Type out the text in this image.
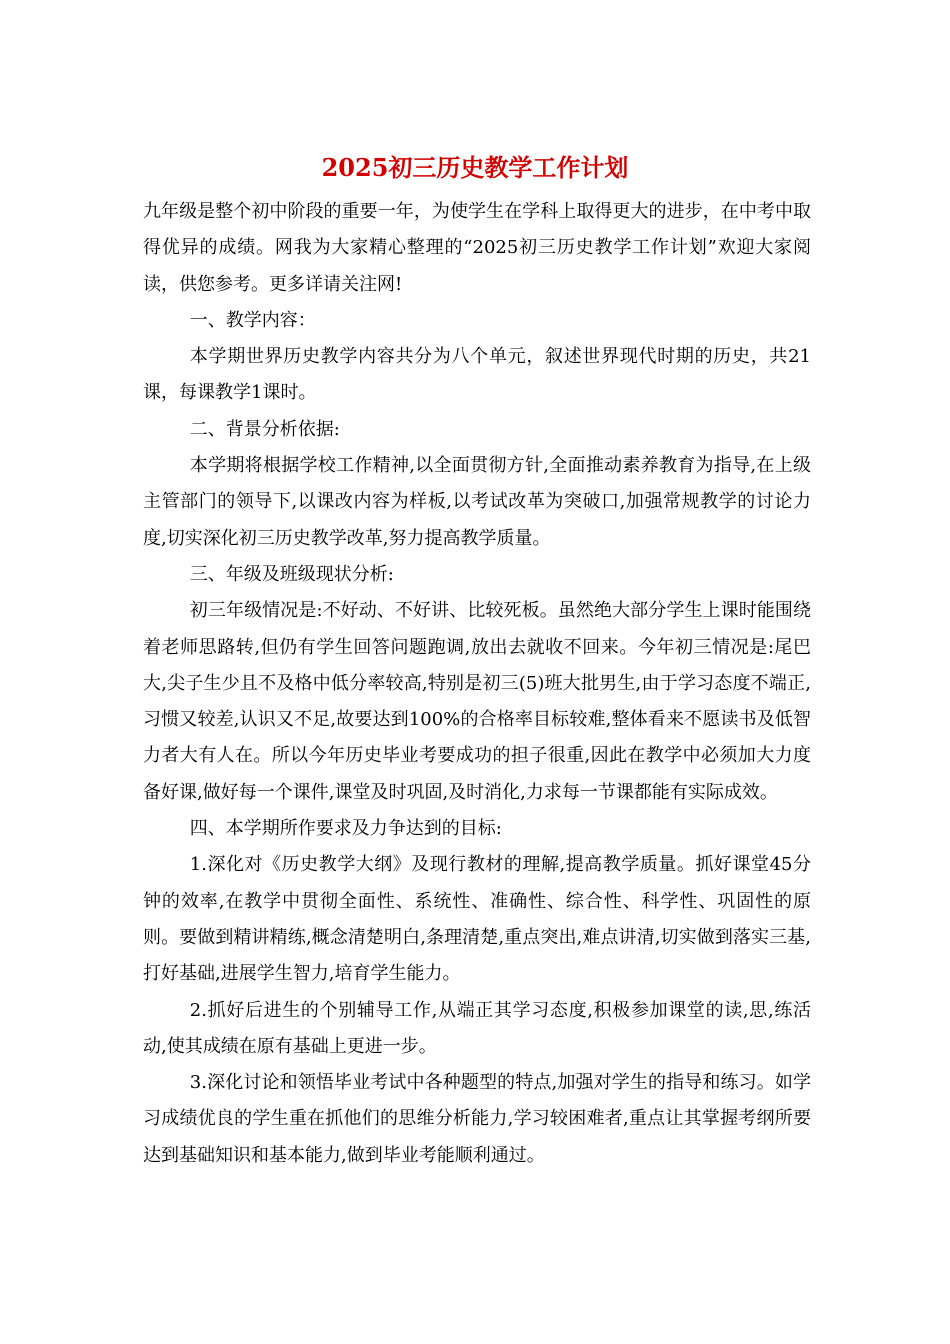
2025初三历史教学工作计划

九年级是整个初中阶段的重要一年，为使学生在学科上取得更大的进步，在中考中取得优异的成绩。网我为大家精心整理的“2025初三历史教学工作计划”欢迎大家阅读，供您参考。更多详请关注网!

一、教学内容：

本学期世界历史教学内容共分为八个单元，叙述世界现代时期的历史，共21课，每课教学1课时。

二、背景分析依据:

本学期将根据学校工作精神,以全面贯彻方针,全面推动素养教育为指导,在上级主管部门的领导下,以课改内容为样板,以考试改革为突破口,加强常规教学的讨论力度,切实深化初三历史教学改革,努力提高教学质量。

三、年级及班级现状分析:

初三年级情况是:不好动、不好讲、比较死板。虽然绝大部分学生上课时能围绕着老师思路转,但仍有学生回答问题跑调,放出去就收不回来。今年初三情况是:尾巴大,尖子生少且不及格中低分率较高,特别是初三(5)班大批男生,由于学习态度不端正,习惯又较差,认识又不足,故要达到100%的合格率目标较难,整体看来不愿读书及低智力者大有人在。所以今年历史毕业考要成功的担子很重,因此在教学中必须加大力度备好课,做好每一个课件,课堂及时巩固,及时消化,力求每一节课都能有实际成效。

四、本学期所作要求及力争达到的目标:

1.深化对《历史教学大纲》及现行教材的理解,提高教学质量。抓好课堂45分钟的效率,在教学中贯彻全面性、系统性、准确性、综合性、科学性、巩固性的原则。要做到精讲精练,概念清楚明白,条理清楚,重点突出,难点讲清,切实做到落实三基,打好基础,进展学生智力,培育学生能力。

2.抓好后进生的个别辅导工作,从端正其学习态度,积极参加课堂的读,思,练活动,使其成绩在原有基础上更进一步。

3.深化讨论和领悟毕业考试中各种题型的特点,加强对学生的指导和练习。如学习成绩优良的学生重在抓他们的思维分析能力,学习较困难者,重点让其掌握考纲所要达到基础知识和基本能力,做到毕业考能顺利通过。
